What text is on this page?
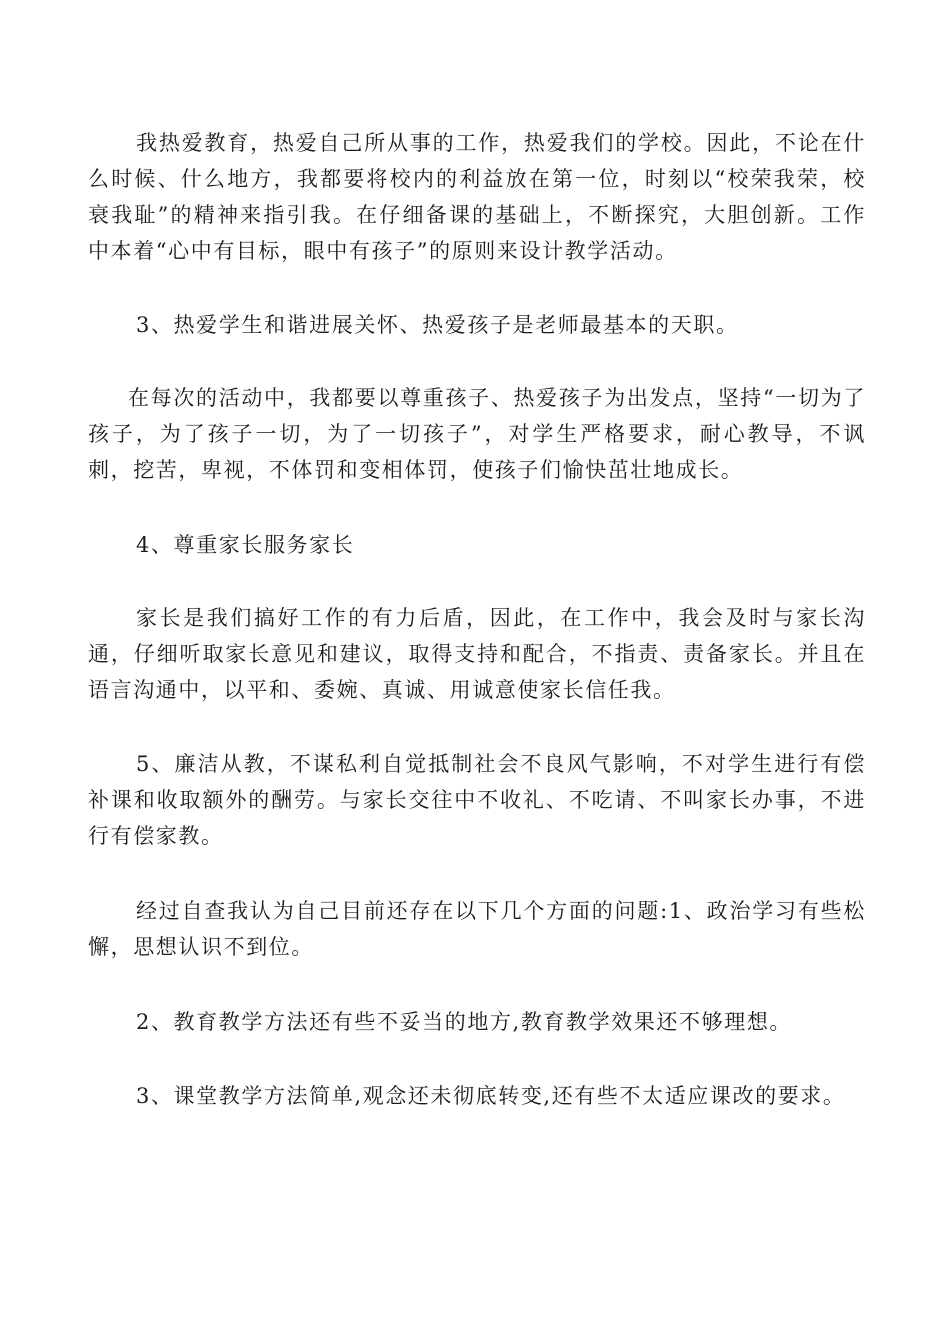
我热爱教育，热爱自己所从事的工作，热爱我们的学校。因此，不论在什么时候、什么地方，我都要将校内的利益放在第一位，时刻以“校荣我荣，校衰我耻”的精神来指引我。在仔细备课的基础上，不断探究，大胆创新。工作中本着“心中有目标，眼中有孩子”的原则来设计教学活动。

3、热爱学生和谐进展关怀、热爱孩子是老师最基本的天职。

在每次的活动中，我都要以尊重孩子、热爱孩子为出发点，坚持“一切为了孩子，为了孩子一切，为了一切孩子”，对学生严格要求，耐心教导，不讽刺，挖苦，卑视，不体罚和变相体罚，使孩子们愉快茁壮地成长。

4、尊重家长服务家长

家长是我们搞好工作的有力后盾，因此，在工作中，我会及时与家长沟通，仔细听取家长意见和建议，取得支持和配合，不指责、责备家长。并且在语言沟通中，以平和、委婉、真诚、用诚意使家长信任我。

5、廉洁从教，不谋私利自觉抵制社会不良风气影响，不对学生进行有偿补课和收取额外的酬劳。与家长交往中不收礼、不吃请、不叫家长办事，不进行有偿家教。

经过自查我认为自己目前还存在以下几个方面的问题:1、政治学习有些松懈，思想认识不到位。

2、教育教学方法还有些不妥当的地方,教育教学效果还不够理想。

3、课堂教学方法简单,观念还未彻底转变,还有些不太适应课改的要求。
